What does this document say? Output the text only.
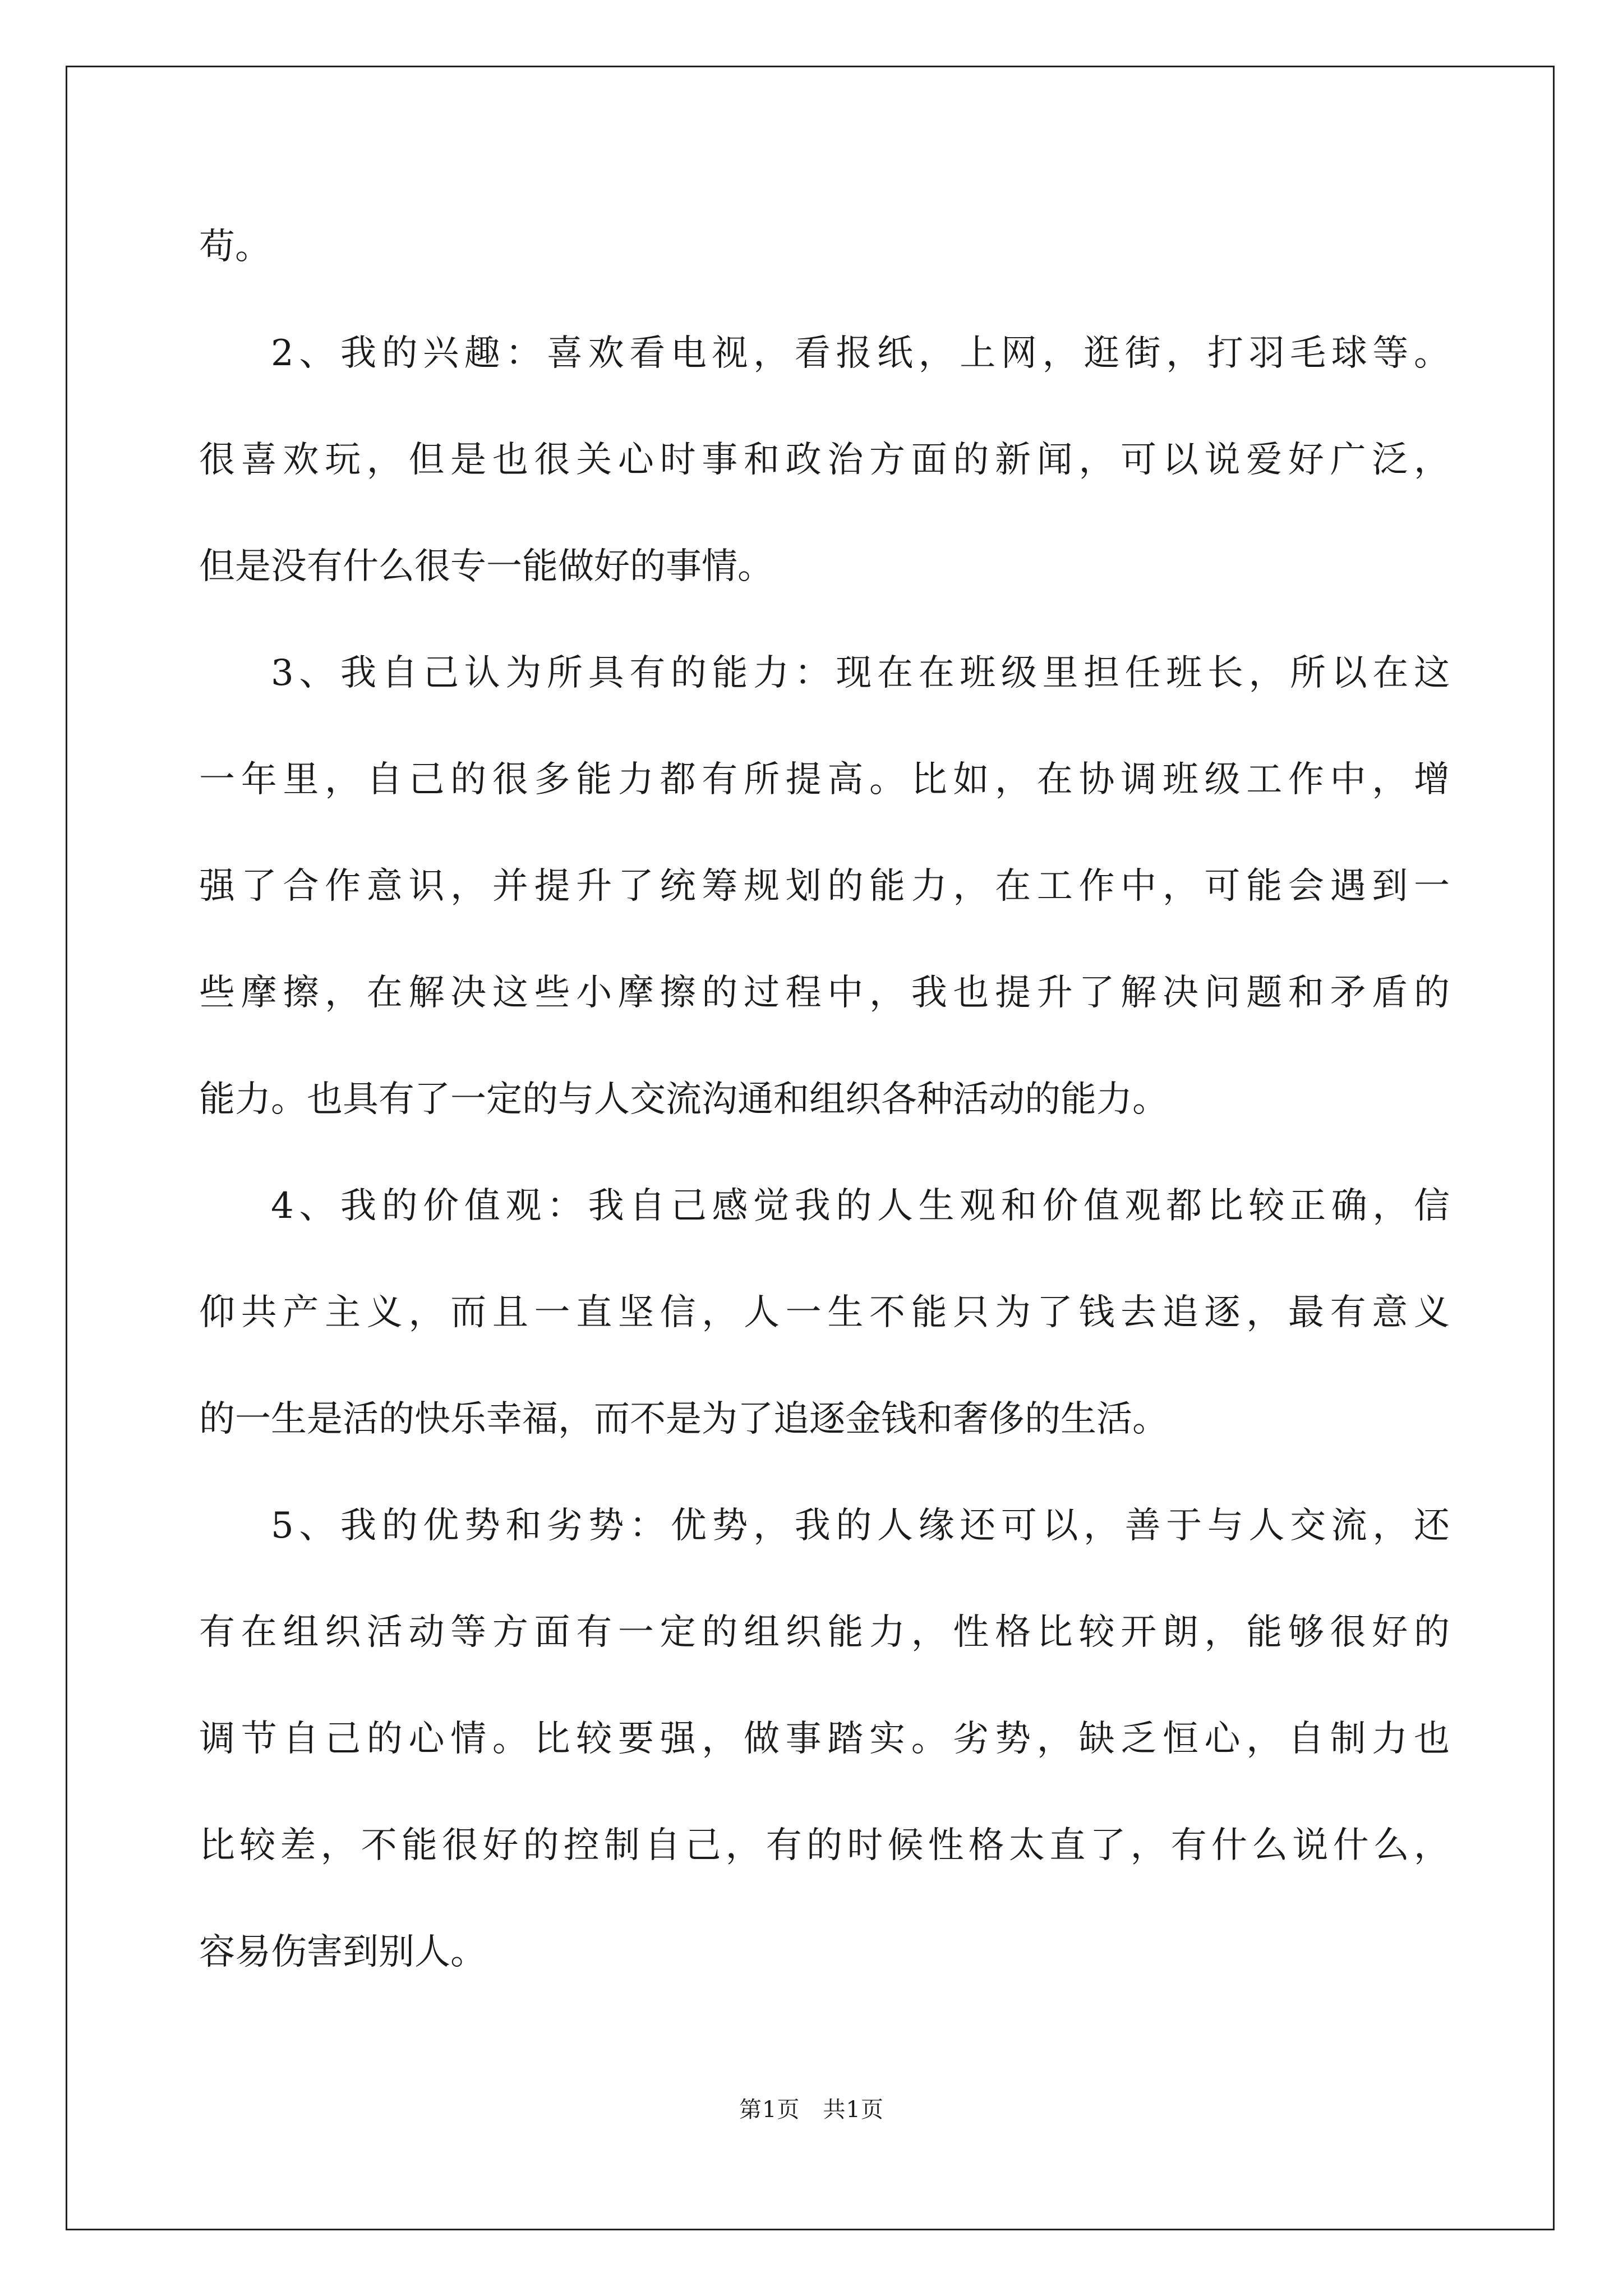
苟。
2、我的兴趣：喜欢看电视，看报纸，上网，逛街，打羽毛球等。
很喜欢玩，但是也很关心时事和政治方面的新闻，可以说爱好广泛，
但是没有什么很专一能做好的事情。
3、我自己认为所具有的能力：现在在班级里担任班长，所以在这
一年里，自己的很多能力都有所提高。比如，在协调班级工作中，增
强了合作意识，并提升了统筹规划的能力，在工作中，可能会遇到一
些摩擦，在解决这些小摩擦的过程中，我也提升了解决问题和矛盾的
能力。也具有了一定的与人交流沟通和组织各种活动的能力。
4、我的价值观：我自己感觉我的人生观和价值观都比较正确，信
仰共产主义，而且一直坚信，人一生不能只为了钱去追逐，最有意义
的一生是活的快乐幸福，而不是为了追逐金钱和奢侈的生活。
5、我的优势和劣势：优势，我的人缘还可以，善于与人交流，还
有在组织活动等方面有一定的组织能力，性格比较开朗，能够很好的
调节自己的心情。比较要强，做事踏实。劣势，缺乏恒心，自制力也
比较差，不能很好的控制自己，有的时候性格太直了，有什么说什么，
容易伤害到别人。
第1页   共1页
